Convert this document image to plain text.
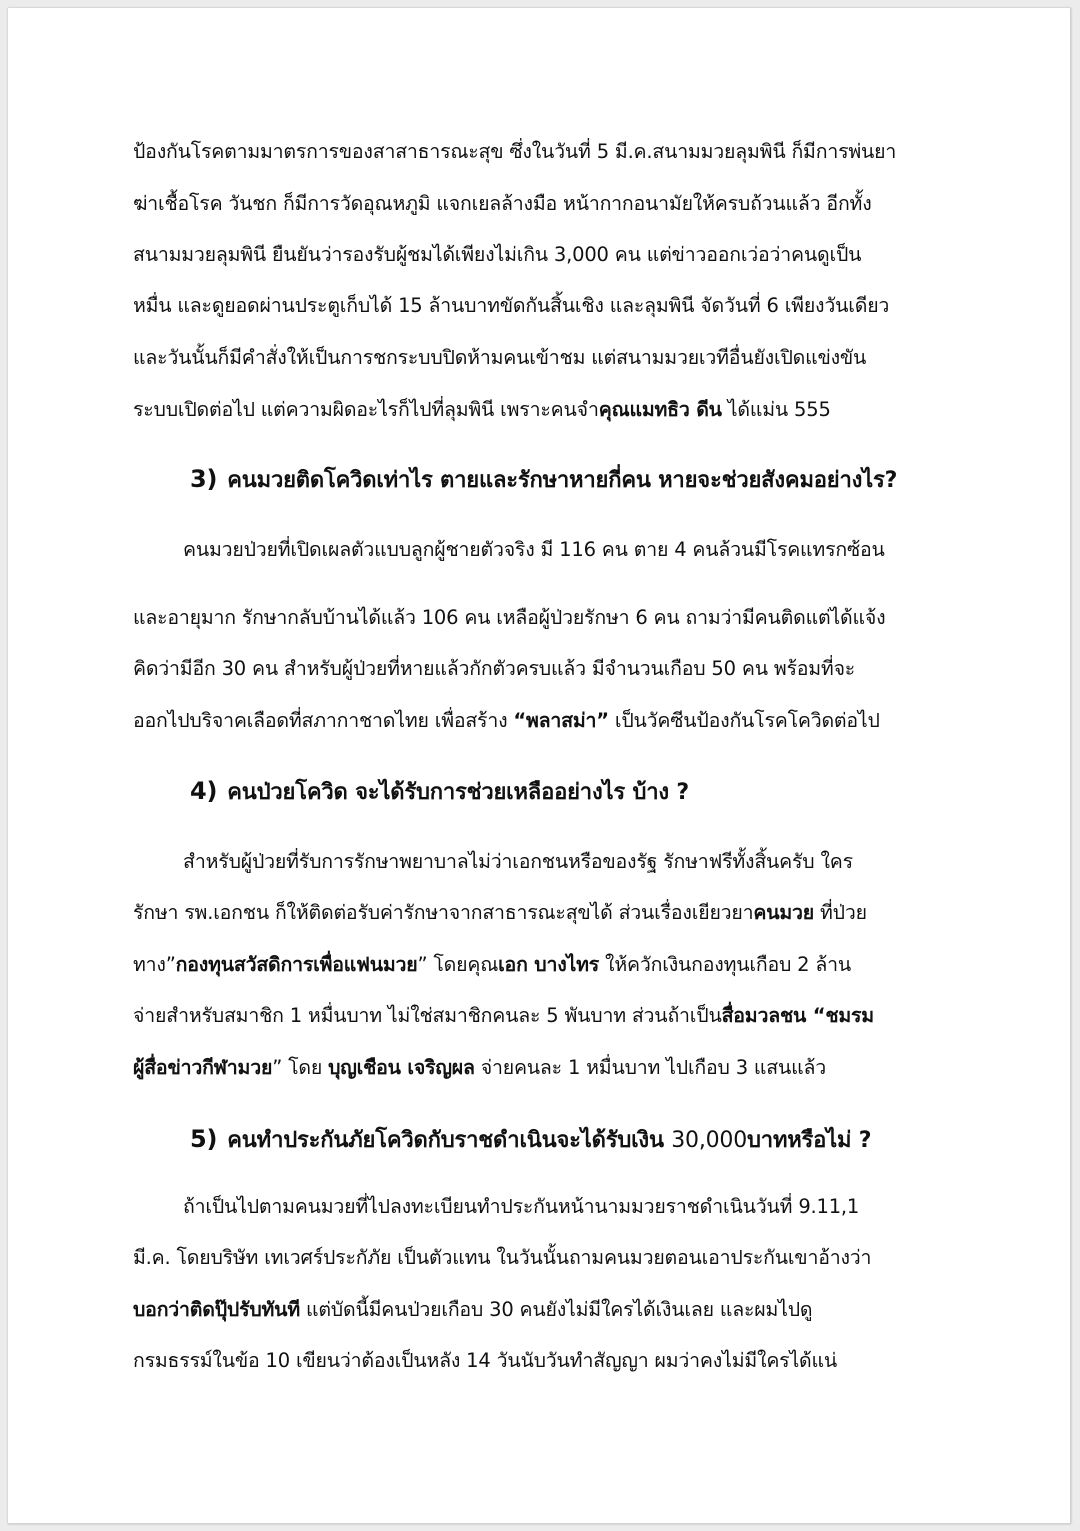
ป้องกันโรคตามมาตรการของสาสาธารณะสุข ซึ่งในวันที่ 5 มี.ค.สนามมวยลุมพินี ก็มีการพ่นยา
ฆ่าเชื้อโรค วันชก ก็มีการวัดอุณหภูมิ แจกเยลล้างมือ หน้ากากอนามัยให้ครบถ้วนแล้ว อีกทั้ง
สนามมวยลุมพินี ยืนยันว่ารองรับผู้ชมได้เพียงไม่เกิน 3,000 คน แต่ข่าวออกเว่อว่าคนดูเป็น
หมื่น และดูยอดผ่านประตูเก็บได้ 15 ล้านบาทขัดกันสิ้นเชิง และลุมพินี จัดวันที่ 6 เพียงวันเดียว
และวันนั้นก็มีคำสั่งให้เป็นการชกระบบปิดห้ามคนเข้าชม แต่สนามมวยเวทีอื่นยังเปิดแข่งขัน
ระบบเปิดต่อไป แต่ความผิดอะไรก็ไปที่ลุมพินี เพราะคนจำคุณแมทธิว ดีน ได้แม่น 555
3) คนมวยติดโควิดเท่าไร ตายและรักษาหายกี่คน หายจะช่วยสังคมอย่างไร?
คนมวยป่วยที่เปิดเผลตัวแบบลูกผู้ชายตัวจริง มี 116 คน ตาย 4 คนล้วนมีโรคแทรกซ้อน
และอายุมาก รักษากลับบ้านได้แล้ว 106 คน เหลือผู้ป่วยรักษา 6 คน ถามว่ามีคนติดแต่ได้แจ้ง
คิดว่ามีอีก 30 คน สำหรับผู้ป่วยที่หายแล้วกักตัวครบแล้ว มีจำนวนเกือบ 50 คน พร้อมที่จะ
ออกไปบริจาคเลือดที่สภากาชาดไทย เพื่อสร้าง “พลาสม่า” เป็นวัคซีนป้องกันโรคโควิดต่อไป
4) คนป่วยโควิด จะได้รับการช่วยเหลืออย่างไร บ้าง ?
สำหรับผู้ป่วยที่รับการรักษาพยาบาลไม่ว่าเอกชนหรือของรัฐ รักษาฟรีทั้งสิ้นครับ ใคร
รักษา รพ.เอกชน ก็ให้ติดต่อรับค่ารักษาจากสาธารณะสุขได้ ส่วนเรื่องเยียวยาคนมวย ที่ป่วย
ทาง”กองทุนสวัสดิการเพื่อแฟนมวย” โดยคุณเอก บางไทร ให้ควักเงินกองทุนเกือบ 2 ล้าน
จ่ายสำหรับสมาชิก 1 หมื่นบาท ไม่ใช่สมาชิกคนละ 5 พันบาท ส่วนถ้าเป็นสื่อมวลชน “ชมรม
ผู้สื่อข่าวกีฬามวย” โดย บุญเชือน เจริญผล จ่ายคนละ 1 หมื่นบาท ไปเกือบ 3 แสนแล้ว
5) คนทำประกันภัยโควิดกับราชดำเนินจะได้รับเงิน 30,000บาทหรือไม่ ?
ถ้าเป็นไปตามคนมวยที่ไปลงทะเบียนทำประกันหน้านามมวยราชดำเนินวันที่ 9.11,1
มี.ค. โดยบริษัท เทเวศร์ประกัภัย เป็นตัวแทน ในวันนั้นถามคนมวยตอนเอาประกันเขาอ้างว่า
บอกว่าติดปุ๊ปรับทันที แต่บัดนี้มีคนป่วยเกือบ 30 คนยังไม่มีใครได้เงินเลย และผมไปดู
กรมธรรม์ในข้อ 10 เขียนว่าต้องเป็นหลัง 14 วันนับวันทำสัญญา ผมว่าคงไม่มีใครได้แน่
